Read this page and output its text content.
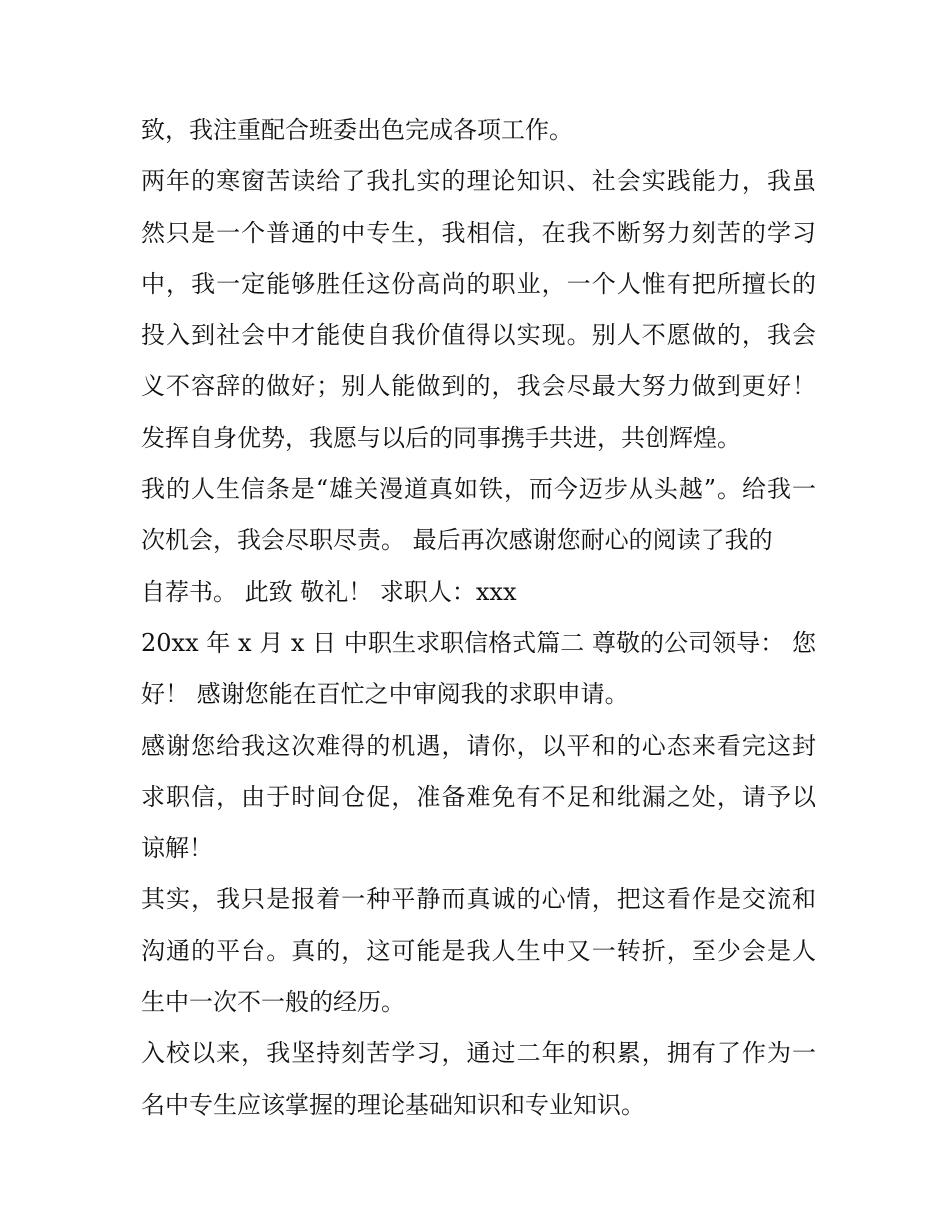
致，我注重配合班委出色完成各项工作。
两年的寒窗苦读给了我扎实的理论知识、社会实践能力，我虽
然只是一个普通的中专生，我相信，在我不断努力刻苦的学习
中，我一定能够胜任这份高尚的职业，一个人惟有把所擅长的
投入到社会中才能使自我价值得以实现。别人不愿做的，我会
义不容辞的做好；别人能做到的，我会尽最大努力做到更好！
发挥自身优势，我愿与以后的同事携手共进，共创辉煌。
我的人生信条是“雄关漫道真如铁，而今迈步从头越”。给我一
次机会，我会尽职尽责。 最后再次感谢您耐心的阅读了我的
自荐书。 此致 敬礼！ 求职人：xxx
20xx 年 x 月 x 日 中职生求职信格式篇二 尊敬的公司领导： 您
好！ 感谢您能在百忙之中审阅我的求职申请。
感谢您给我这次难得的机遇，请你，以平和的心态来看完这封
求职信，由于时间仓促，准备难免有不足和纰漏之处，请予以
谅解！
其实，我只是报着一种平静而真诚的心情，把这看作是交流和
沟通的平台。真的，这可能是我人生中又一转折，至少会是人
生中一次不一般的经历。
入校以来，我坚持刻苦学习，通过二年的积累，拥有了作为一
名中专生应该掌握的理论基础知识和专业知识。
